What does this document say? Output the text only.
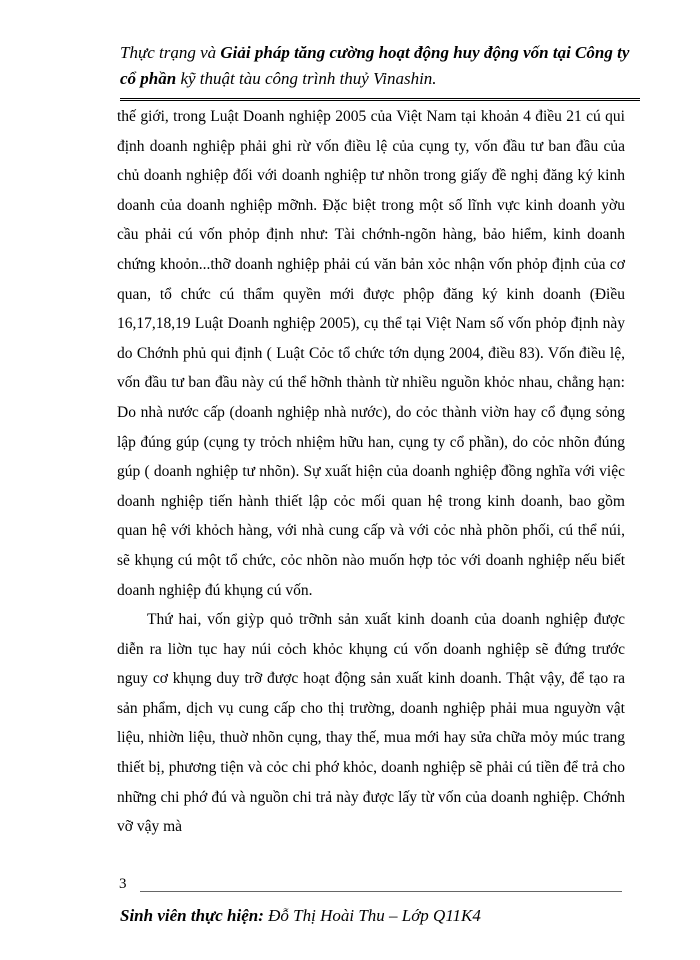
Thực trạng và Giải pháp tăng cường hoạt động huy động vốn tại Công ty cổ phần kỹ thuật tàu công trình thuỷ Vinashin.

thế giới, trong Luật Doanh nghiệp 2005 của Việt Nam tại khoản 4 điều 21 cú qui định doanh nghiệp phải ghi rừ vốn điều lệ của cụng ty, vốn đầu tư ban đầu của chủ doanh nghiệp đối với doanh nghiệp tư nhõn trong giấy đề nghị đăng ký kinh doanh của doanh nghiệp mỡnh. Đặc biệt trong một số lĩnh vực kinh doanh yờu cầu phải cú vốn phỏp định như: Tài chớnh-ngõn hàng, bảo hiểm, kinh doanh chứng khoỏn...thỡ doanh nghiệp phải cú văn bản xỏc nhận vốn phỏp định của cơ quan, tổ chức cú thẩm quyền mới được phộp đăng ký kinh doanh (Điều 16,17,18,19 Luật Doanh nghiệp 2005), cụ thể tại Việt Nam số vốn phỏp định này do Chớnh phủ qui định ( Luật Cỏc tổ chức tớn dụng 2004, điều 83). Vốn điều lệ, vốn đầu tư ban đầu này cú thể hỡnh thành từ nhiều nguồn khỏc nhau, chẳng hạn: Do nhà nước cấp (doanh nghiệp nhà nước), do cỏc thành viờn hay cổ đụng sỏng lập đúng gúp (cụng ty trỏch nhiệm hữu han, cụng ty cổ phần), do cỏc nhõn đúng gúp ( doanh nghiệp tư nhõn). Sự xuất hiện của doanh nghiệp đồng nghĩa với việc doanh nghiệp tiến hành thiết lập cỏc mối quan hệ trong kinh doanh, bao gồm quan hệ với khỏch hàng, với nhà cung cấp và với cỏc nhà phõn phối, cú thể núi, sẽ khụng cú một tổ chức, cỏc nhõn nào muốn hợp tỏc với doanh nghiệp nếu biết doanh nghiệp đú khụng cú vốn.

Thứ hai, vốn giỳp quỏ trỡnh sản xuất kinh doanh của doanh nghiệp được diễn ra liờn tục hay núi cỏch khỏc khụng cú vốn doanh nghiệp sẽ đứng trước nguy cơ khụng duy trỡ được hoạt động sản xuất kinh doanh. Thật vậy, để tạo ra sản phẩm, dịch vụ cung cấp cho thị trường, doanh nghiệp phải mua nguyờn vật liệu, nhiờn liệu, thuờ nhõn cụng, thay thế, mua mới hay sửa chữa mỏy múc trang thiết bị, phương tiện và cỏc chi phớ khỏc, doanh nghiệp sẽ phải cú tiền để trả cho những chi phớ đú và nguồn chi trả này được lấy từ vốn của doanh nghiệp. Chớnh vỡ vậy mà

3
Sinh viên thực hiện: Đỗ Thị Hoài Thu – Lớp Q11K4
